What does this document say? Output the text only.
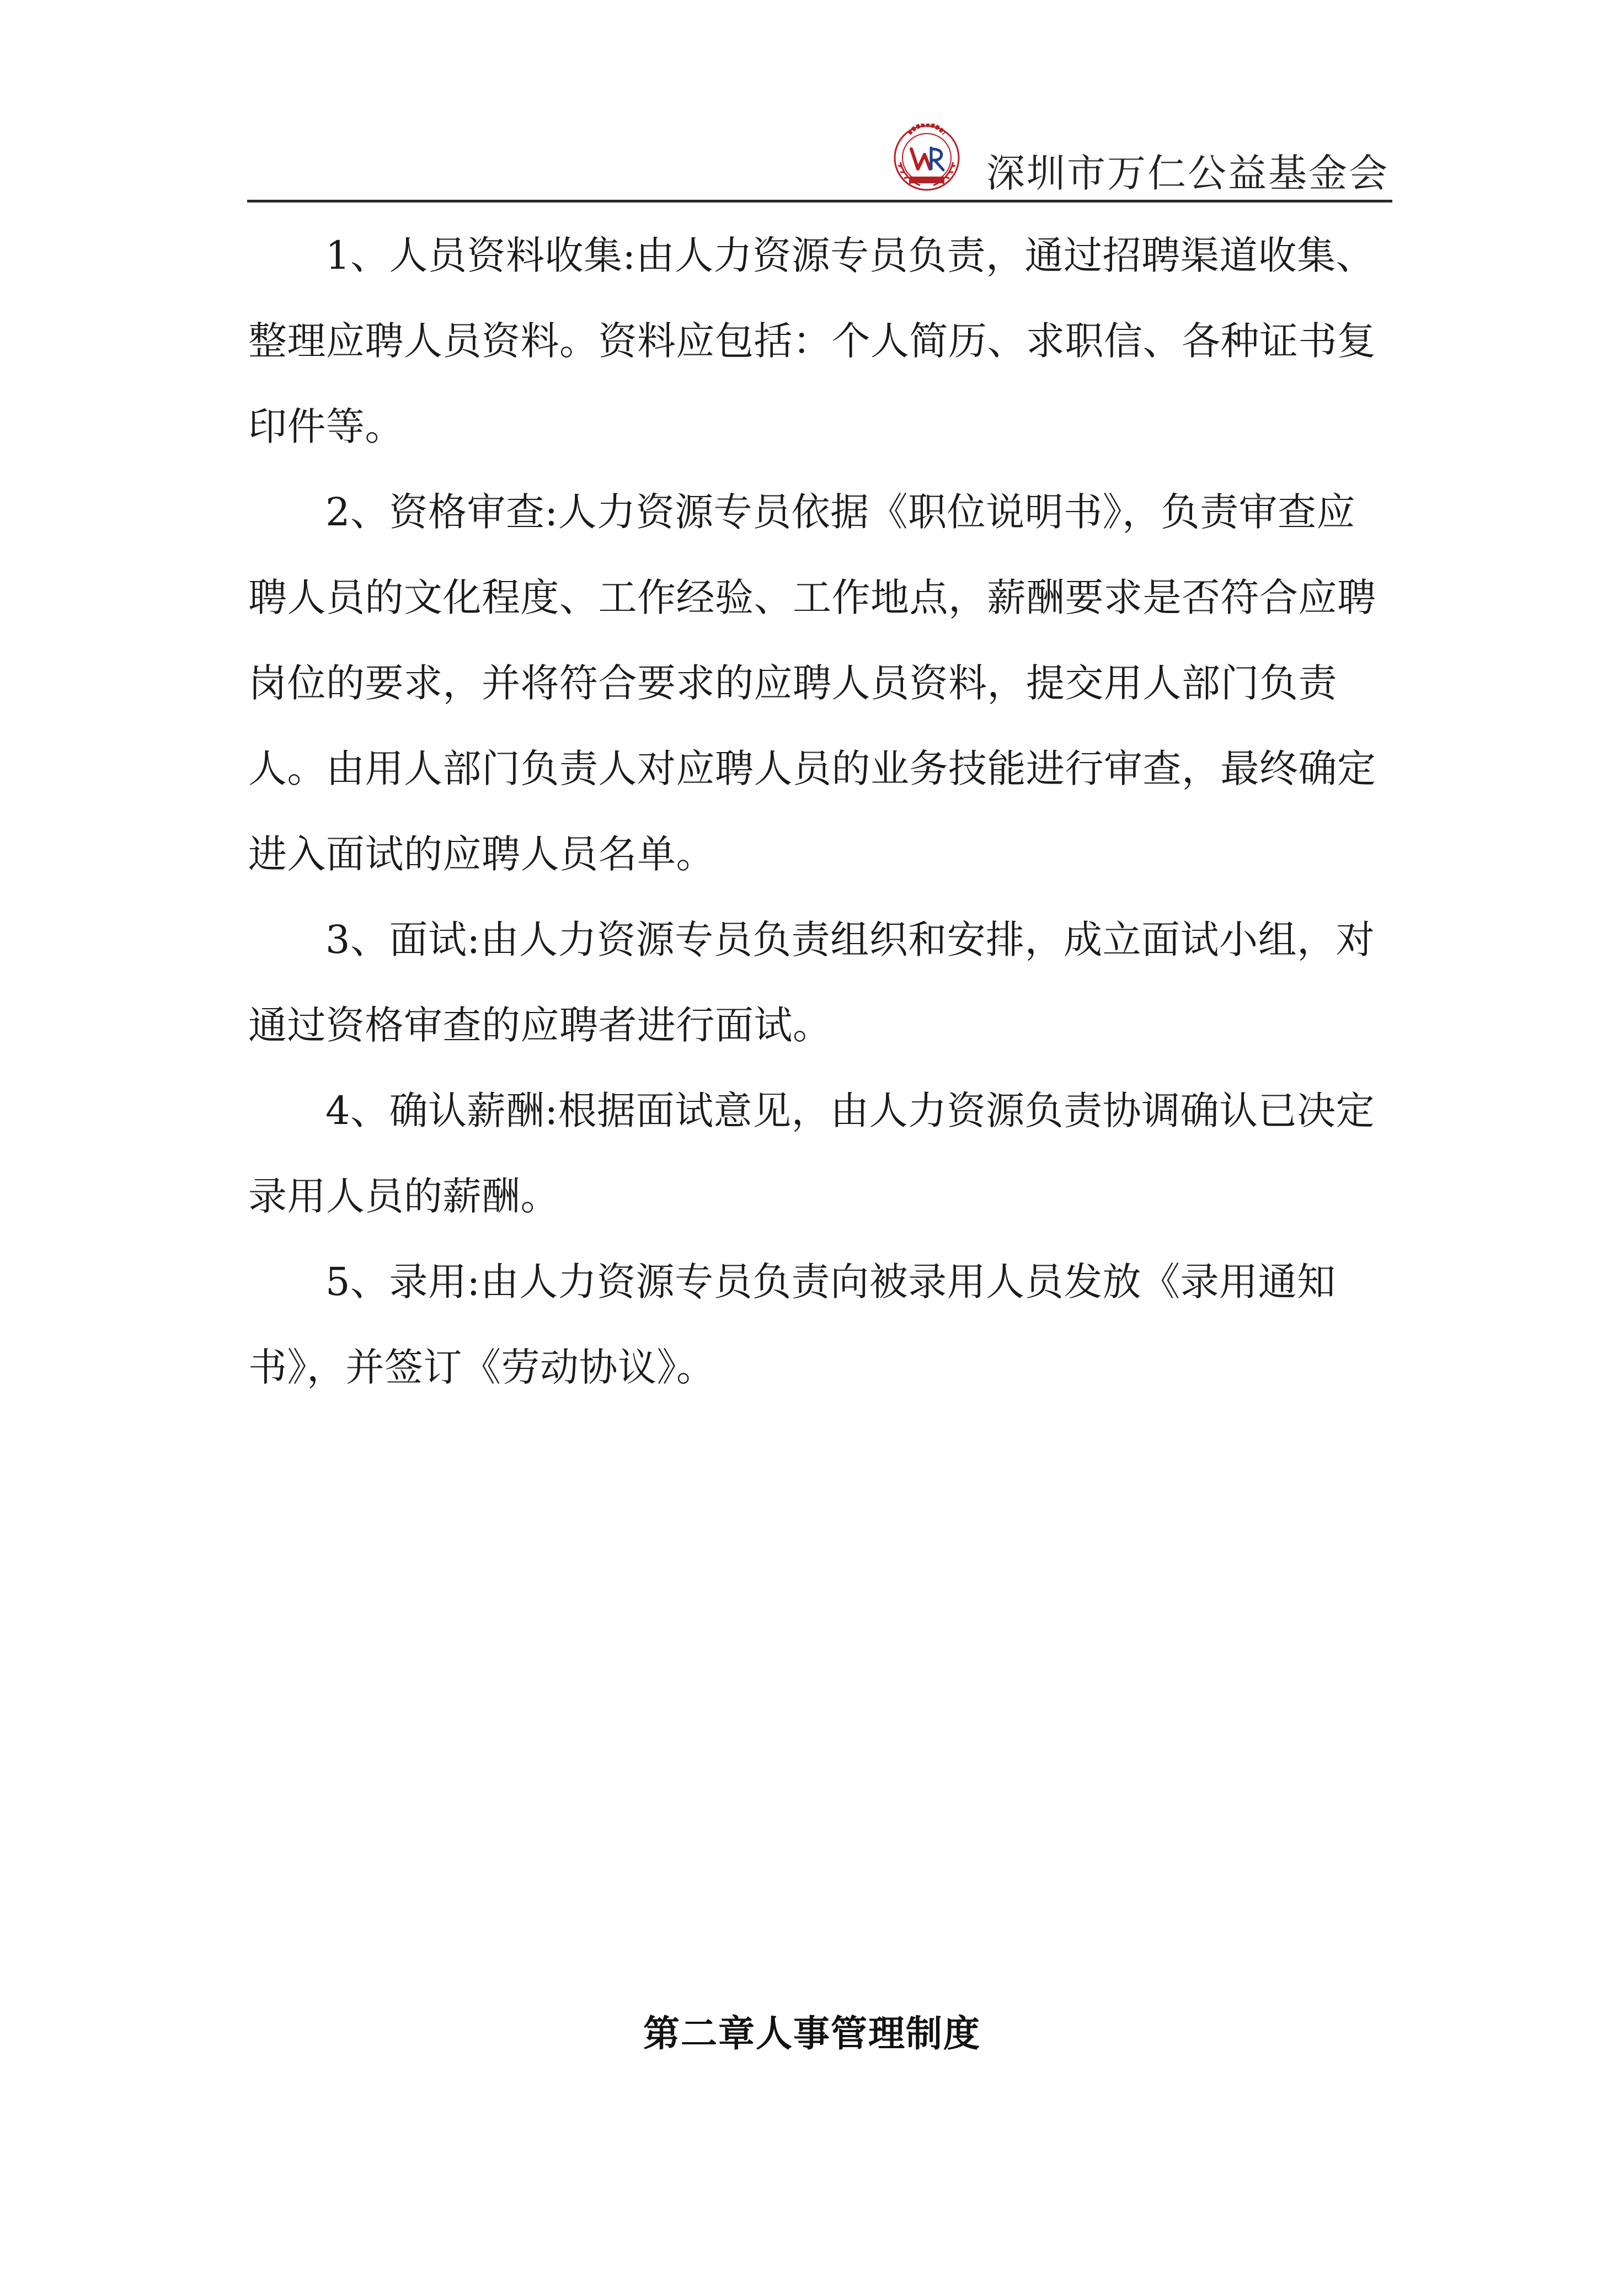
深圳市万仁公益基金会

1、人员资料收集:由人力资源专员负责，通过招聘渠道收集、整理应聘人员资料。资料应包括：个人简历、求职信、各种证书复印件等。

2、资格审查:人力资源专员依据《职位说明书》，负责审查应聘人员的文化程度、工作经验、工作地点，薪酬要求是否符合应聘岗位的要求，并将符合要求的应聘人员资料，提交用人部门负责人。由用人部门负责人对应聘人员的业务技能进行审查，最终确定进入面试的应聘人员名单。

3、面试:由人力资源专员负责组织和安排，成立面试小组，对通过资格审查的应聘者进行面试。

4、确认薪酬:根据面试意见，由人力资源负责协调确认已决定录用人员的薪酬。

5、录用:由人力资源专员负责向被录用人员发放《录用通知书》，并签订《劳动协议》。

第二章人事管理制度
